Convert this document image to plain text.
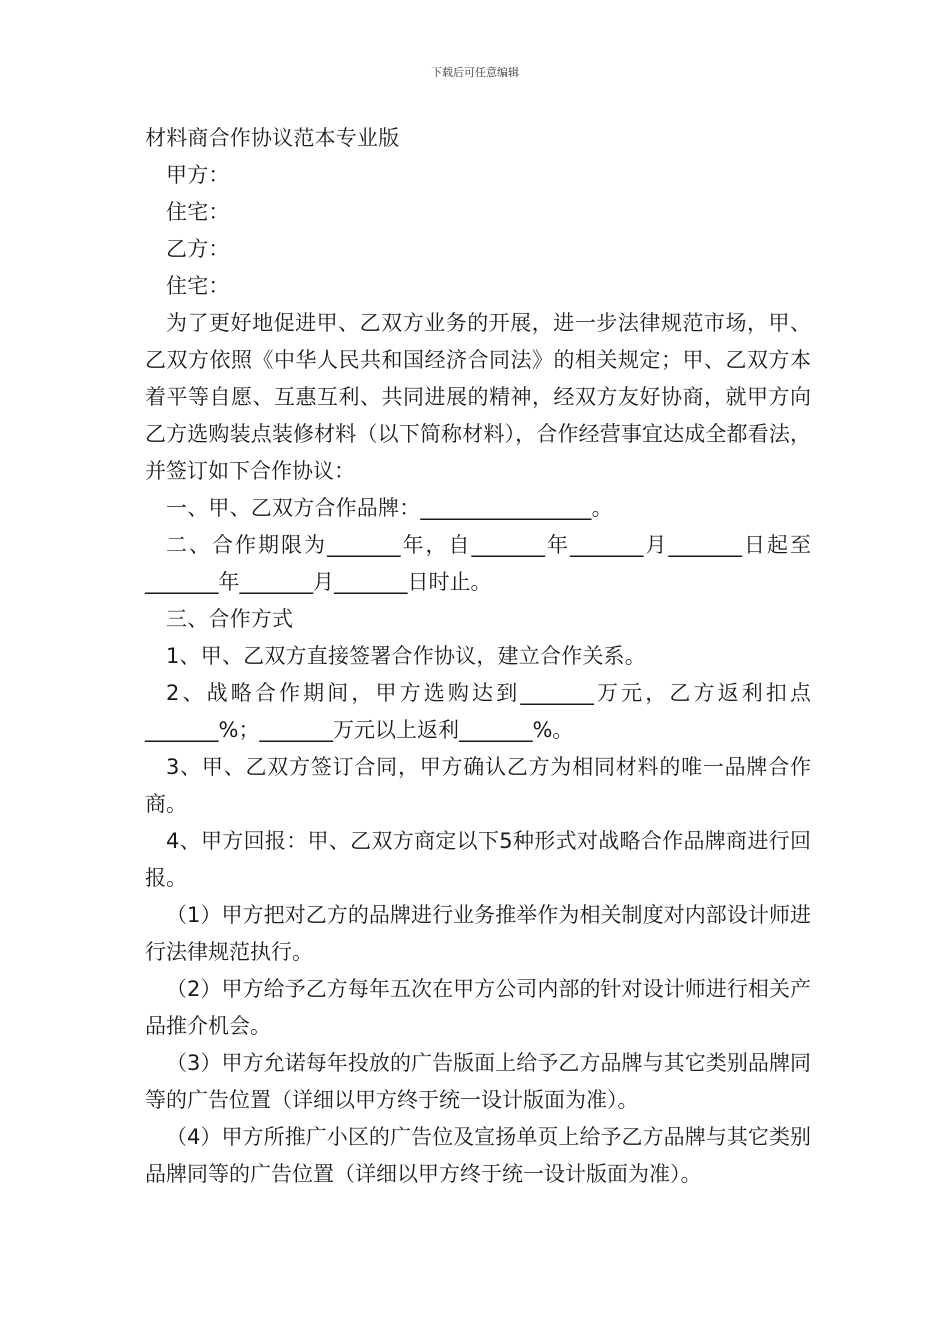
下载后可任意编辑
材料商合作协议范本专业版
甲方：
住宅：
乙方：
住宅：
为了更好地促进甲、乙双方业务的开展，进一步法律规范市场，甲、乙双方依照《中华人民共和国经济合同法》的相关规定；甲、乙双方本着平等自愿、互惠互利、共同进展的精神，经双方友好协商，就甲方向乙方选购装点装修材料（以下简称材料），合作经营事宜达成全都看法，并签订如下合作协议：
一、甲、乙双方合作品牌：________________。
二、合作期限为_______年，自_______年_______月_______日起至_______年_______月_______日时止。
三、合作方式
1、甲、乙双方直接签署合作协议，建立合作关系。
2、战略合作期间，甲方选购达到_______万元，乙方返利扣点_______%；_______万元以上返利_______%。
3、甲、乙双方签订合同，甲方确认乙方为相同材料的唯一品牌合作商。
4、甲方回报：甲、乙双方商定以下5种形式对战略合作品牌商进行回报。
（1）甲方把对乙方的品牌进行业务推举作为相关制度对内部设计师进行法律规范执行。
（2）甲方给予乙方每年五次在甲方公司内部的针对设计师进行相关产品推介机会。
（3）甲方允诺每年投放的广告版面上给予乙方品牌与其它类别品牌同等的广告位置（详细以甲方终于统一设计版面为准）。
（4）甲方所推广小区的广告位及宣扬单页上给予乙方品牌与其它类别品牌同等的广告位置（详细以甲方终于统一设计版面为准）。
